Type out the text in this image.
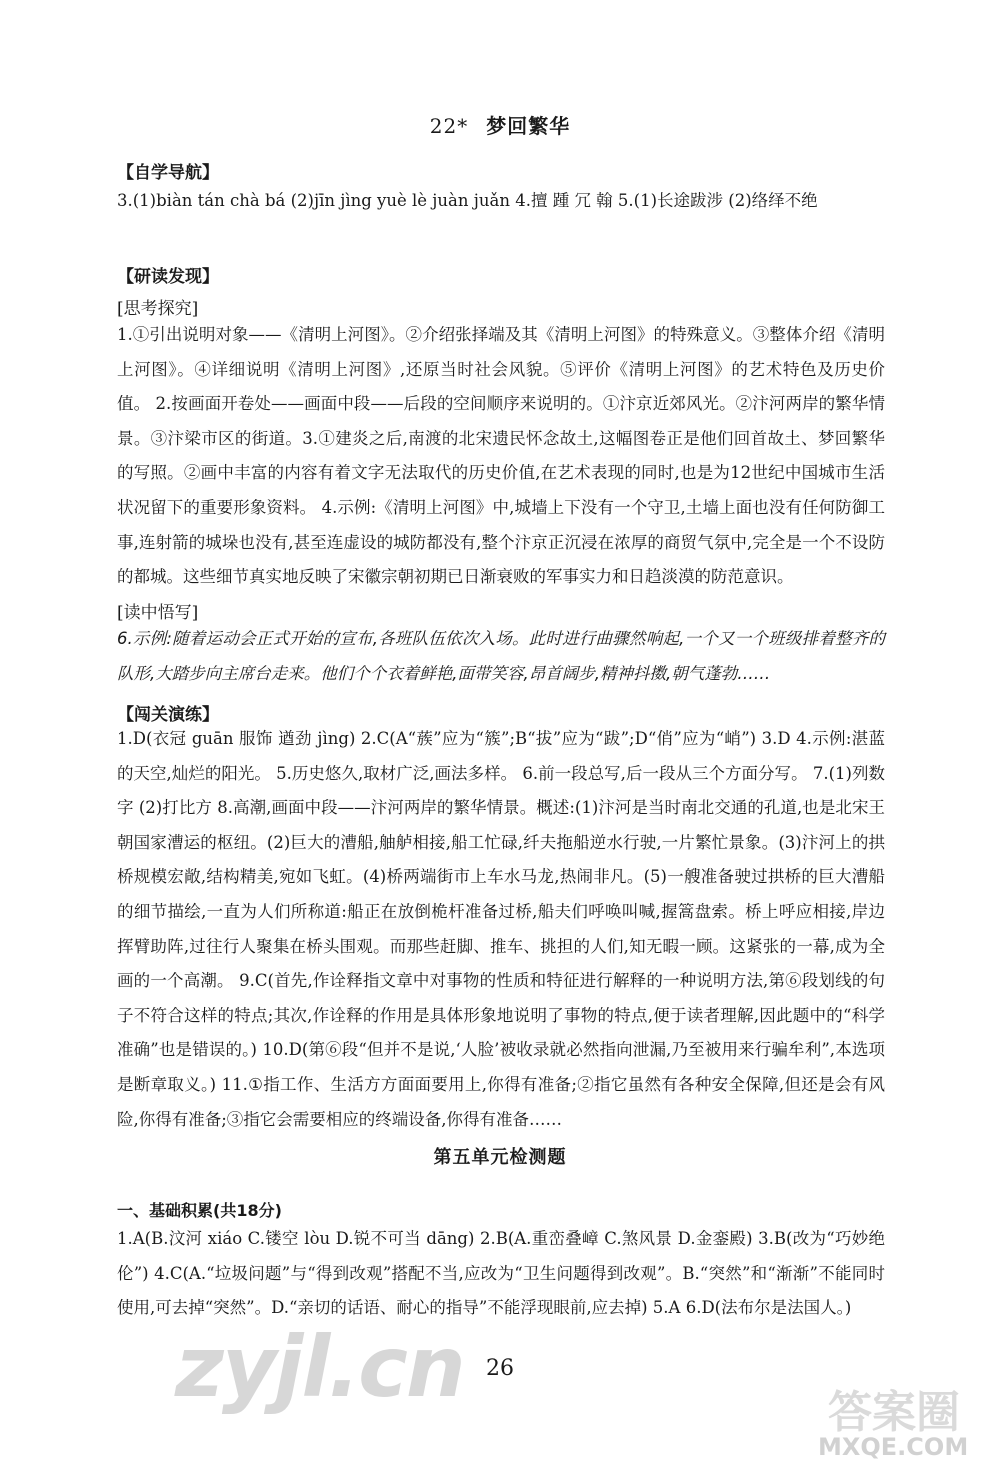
22* 梦回繁华
【自学导航】
3.(1)biàn tán chà bá (2)jīn jìng yuè lè juàn juǎn 4.擅 踵 冗 翰 5.(1)长途跋涉 (2)络绎不绝
【研读发现】
[思考探究]
1.①引出说明对象——《清明上河图》。②介绍张择端及其《清明上河图》的特殊意义。③整体介绍《清明上河图》。④详细说明《清明上河图》,还原当时社会风貌。⑤评价《清明上河图》的艺术特色及历史价值。 2.按画面开卷处——画面中段——后段的空间顺序来说明的。①汴京近郊风光。②汴河两岸的繁华情景。③汴梁市区的街道。3.①建炎之后,南渡的北宋遗民怀念故土,这幅图卷正是他们回首故土、梦回繁华的写照。②画中丰富的内容有着文字无法取代的历史价值,在艺术表现的同时,也是为12世纪中国城市生活状况留下的重要形象资料。 4.示例:《清明上河图》中,城墙上下没有一个守卫,土墙上面也没有任何防御工事,连射箭的城垛也没有,甚至连虚设的城防都没有,整个汴京正沉浸在浓厚的商贸气氛中,完全是一个不设防的都城。这些细节真实地反映了宋徽宗朝初期已日渐衰败的军事实力和日趋淡漠的防范意识。
[读中悟写]
6.示例:随着运动会正式开始的宣布,各班队伍依次入场。此时进行曲骤然响起,一个又一个班级排着整齐的队形,大踏步向主席台走来。他们个个衣着鲜艳,面带笑容,昂首阔步,精神抖擞,朝气蓬勃……
【闯关演练】
1.D(衣冠 guān 服饰 遒劲 jìng) 2.C(A“蔟”应为“簇”;B“拔”应为“跋”;D“俏”应为“峭”) 3.D 4.示例:湛蓝的天空,灿烂的阳光。 5.历史悠久,取材广泛,画法多样。 6.前一段总写,后一段从三个方面分写。 7.(1)列数字 (2)打比方 8.高潮,画面中段——汴河两岸的繁华情景。概述:(1)汴河是当时南北交通的孔道,也是北宋王朝国家漕运的枢纽。(2)巨大的漕船,舳舻相接,船工忙碌,纤夫拖船逆水行驶,一片繁忙景象。(3)汴河上的拱桥规模宏敞,结构精美,宛如飞虹。(4)桥两端街市上车水马龙,热闹非凡。(5)一艘准备驶过拱桥的巨大漕船的细节描绘,一直为人们所称道:船正在放倒桅杆准备过桥,船夫们呼唤叫喊,握篙盘索。桥上呼应相接,岸边挥臂助阵,过往行人聚集在桥头围观。而那些赶脚、推车、挑担的人们,知无暇一顾。这紧张的一幕,成为全画的一个高潮。 9.C(首先,作诠释指文章中对事物的性质和特征进行解释的一种说明方法,第⑥段划线的句子不符合这样的特点;其次,作诠释的作用是具体形象地说明了事物的特点,便于读者理解,因此题中的“科学准确”也是错误的。) 10.D(第⑥段“但并不是说,‘人脸’被收录就必然指向泄漏,乃至被用来行骗牟利”,本选项是断章取义。) 11.①指工作、生活方方面面要用上,你得有准备;②指它虽然有各种安全保障,但还是会有风险,你得有准备;③指它会需要相应的终端设备,你得有准备……
第五单元检测题
一、基础积累(共18分)
1.A(B.汶河 xiáo C.镂空 lòu D.锐不可当 dāng) 2.B(A.重峦叠嶂 C.煞风景 D.金銮殿) 3.B(改为“巧妙绝伦”) 4.C(A.“垃圾问题”与“得到改观”搭配不当,应改为“卫生问题得到改观”。B.“突然”和“渐渐”不能同时使用,可去掉“突然”。D.“亲切的话语、耐心的指导”不能浮现眼前,应去掉) 5.A 6.D(法布尔是法国人。)
26
zyjl.cn	答案圈
MXQE.COM
